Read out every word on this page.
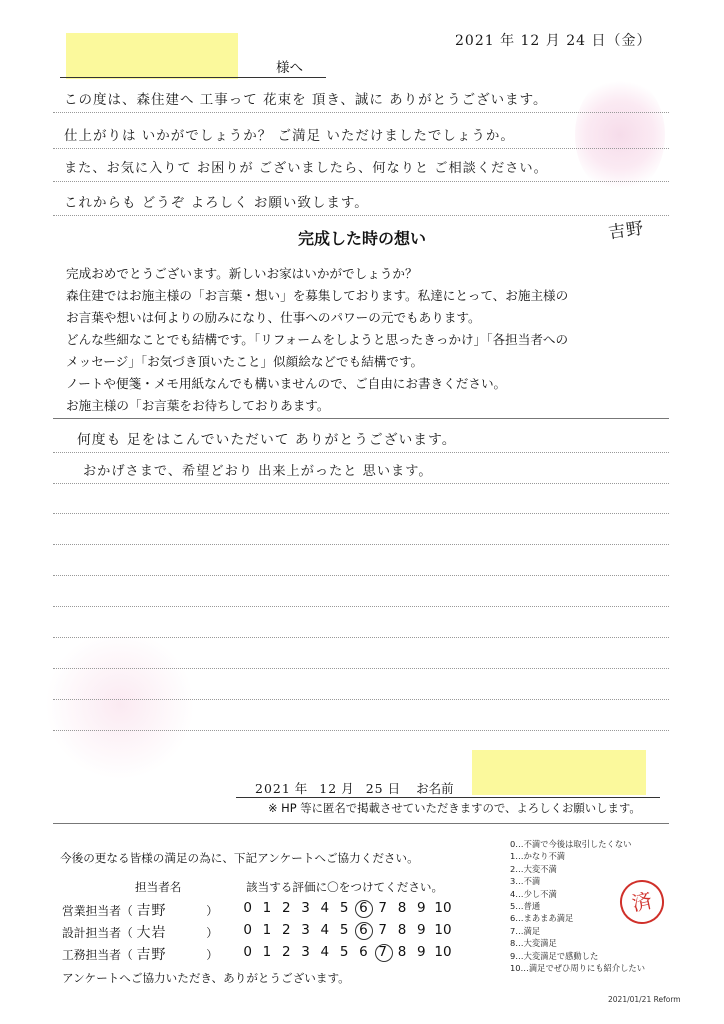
2021 年 12 月 24 日（金）
様へ
この度は、森住建へ 工事って 花束を 頂き、誠に ありがとうございます。
仕上がりは いかがでしょうか？ ご満足 いただけましたでしょうか。
また、お気に入りて お困りが ございましたら、何なりと ご相談ください。
これからも どうぞ よろしく お願い致します。
吉野
完成した時の想い
完成おめでとうございます。新しいお家はいかがでしょうか？
森住建ではお施主様の「お言葉・想い」を募集しております。私達にとって、お施主様の
お言葉や想いは何よりの励みになり、仕事へのパワーの元でもあります。
どんな些細なことでも結構です。「リフォームをしようと思ったきっかけ」「各担当者への
メッセージ」「お気づき頂いたこと」似顔絵などでも結構です。
ノートや便箋・メモ用紙なんでも構いませんので、ご自由にお書きください。
お施主様の「お言葉をお待ちしておりあます。
何度も 足をはこんでいただいて ありがとうございます。
おかげさまで、希望どおり 出来上がったと 思います。
2021 年 12 月 25 日 お名前
※ HP 等に匿名で掲載させていただきますので、よろしくお願いします。
今後の更なる皆様の満足の為に、下記アンケートへご協力ください。
担当者名	該当する評価に〇をつけてください。
営業担当者（ 吉野	）	0 1 2 3 4 5 6 7 8 9 10
設計担当者（ 大岩	）	0 1 2 3 4 5 6 7 8 9 10
工務担当者（ 吉野	）	0 1 2 3 4 5 6 7 8 9 10
アンケートへご協力いただき、ありがとうございます。
0…不満で今後は取引したくない
1…かなり不満
2…大変不満
3…不満
4…少し不満
5…普通
6…まあまあ満足
7…満足
8…大変満足
9…大変満足で感動した
10…満足でぜひ周りにも紹介したい
済
2021/01/21 Reform
